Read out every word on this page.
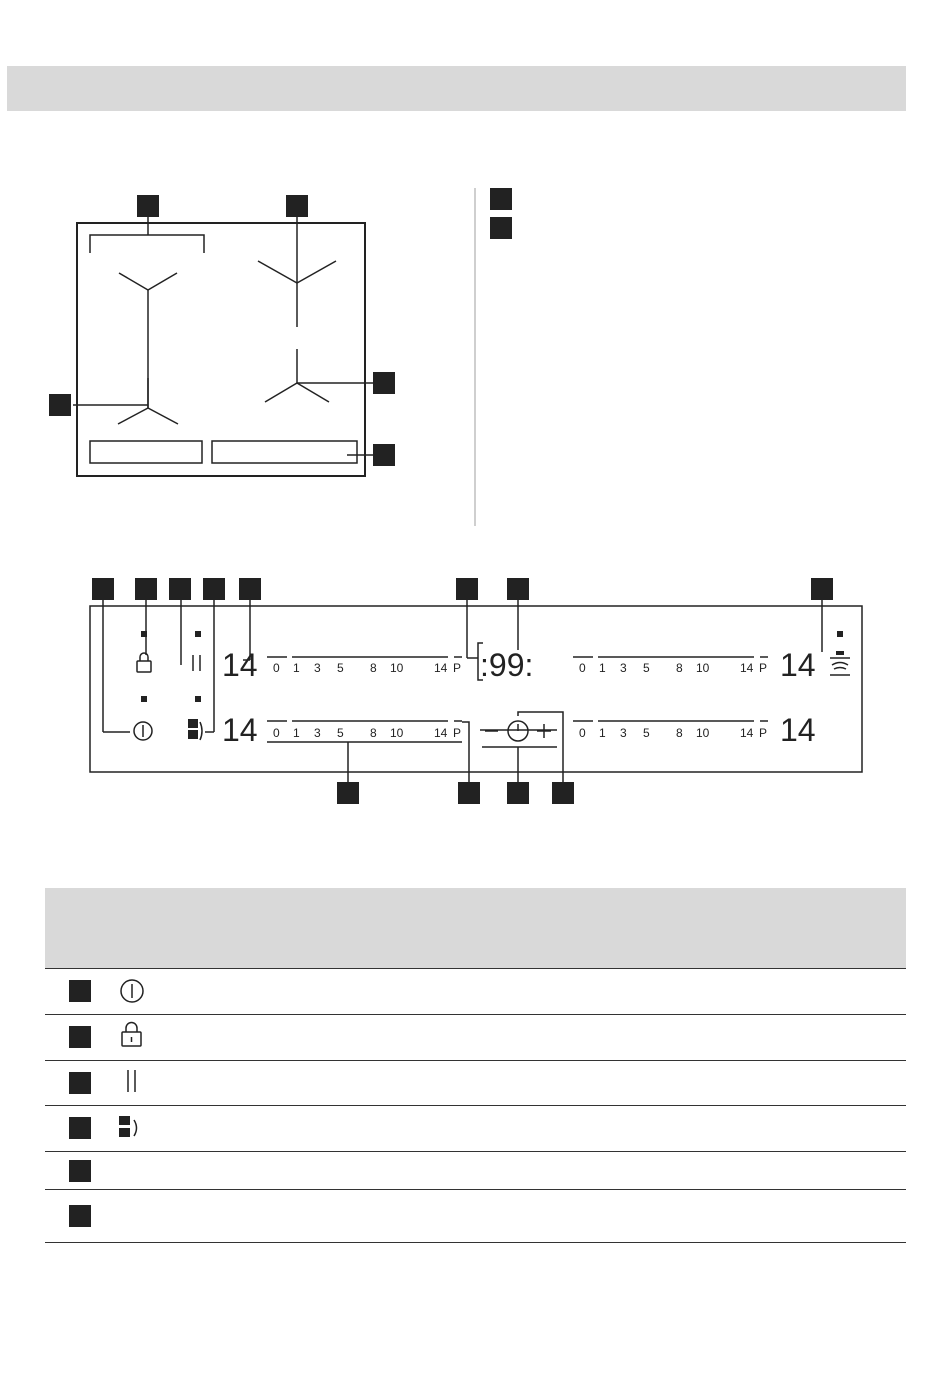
14
14
14
14
:99:
0 1 3 5 8 10	14 P
0 1 3 5 8 10	14 P
0 1 3 5 8 10	14 P
0 1 3 5 8 10	14 P
